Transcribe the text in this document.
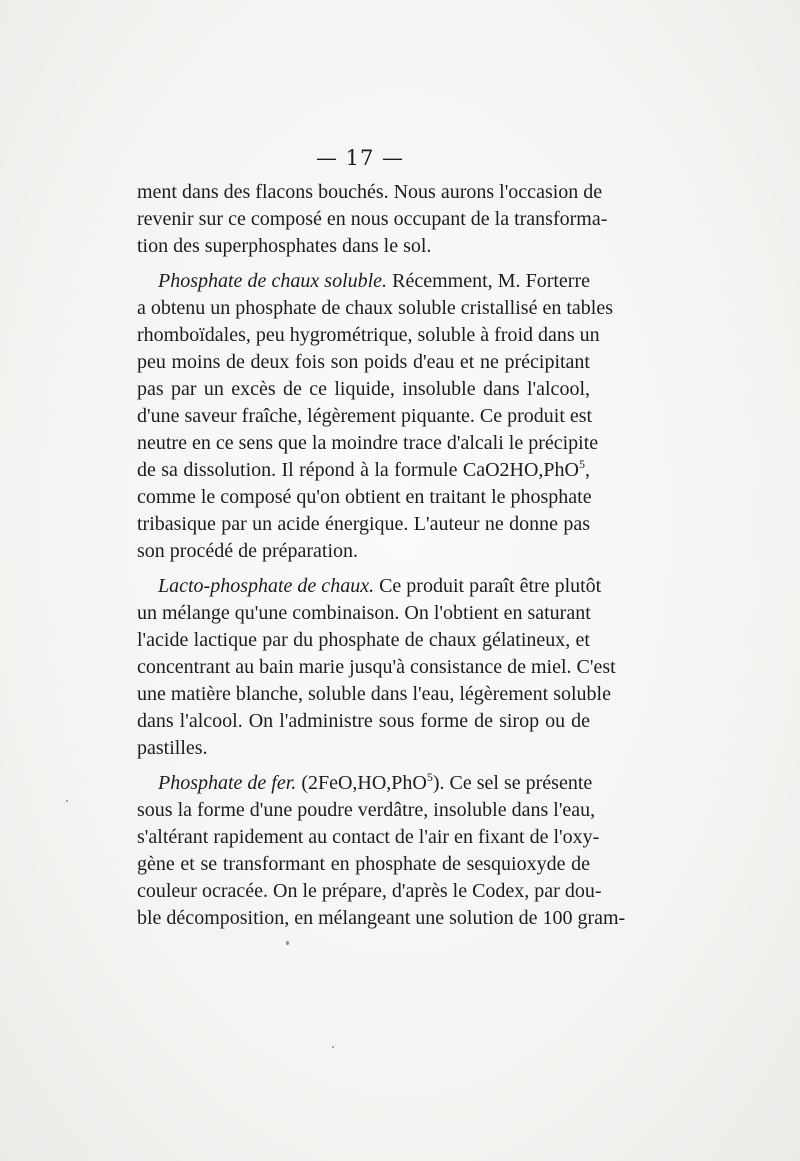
— 17 —
ment dans des flacons bouchés. Nous aurons l'occasion de
revenir sur ce composé en nous occupant de la transforma-
tion des superphosphates dans le sol.
Phosphate de chaux soluble. Récemment, M. Forterre
a obtenu un phosphate de chaux soluble cristallisé en tables
rhomboïdales, peu hygrométrique, soluble à froid dans un
peu moins de deux fois son poids d'eau et ne précipitant
pas par un excès de ce liquide, insoluble dans l'alcool,
d'une saveur fraîche, légèrement piquante. Ce produit est
neutre en ce sens que la moindre trace d'alcali le précipite
de sa dissolution. Il répond à la formule CaO2HO,PhO$^5$,
comme le composé qu'on obtient en traitant le phosphate
tribasique par un acide énergique. L'auteur ne donne pas
son procédé de préparation.
Lacto-phosphate de chaux. Ce produit paraît être plutôt
un mélange qu'une combinaison. On l'obtient en saturant
l'acide lactique par du phosphate de chaux gélatineux, et
concentrant au bain marie jusqu'à consistance de miel. C'est
une matière blanche, soluble dans l'eau, légèrement soluble
dans l'alcool. On l'administre sous forme de sirop ou de
pastilles.
Phosphate de fer. (2FeO,HO,PhO$^5$). Ce sel se présente
sous la forme d'une poudre verdâtre, insoluble dans l'eau,
s'altérant rapidement au contact de l'air en fixant de l'oxy-
gène et se transformant en phosphate de sesquioxyde de
couleur ocracée. On le prépare, d'après le Codex, par dou-
ble décomposition, en mélangeant une solution de 100 gram-
